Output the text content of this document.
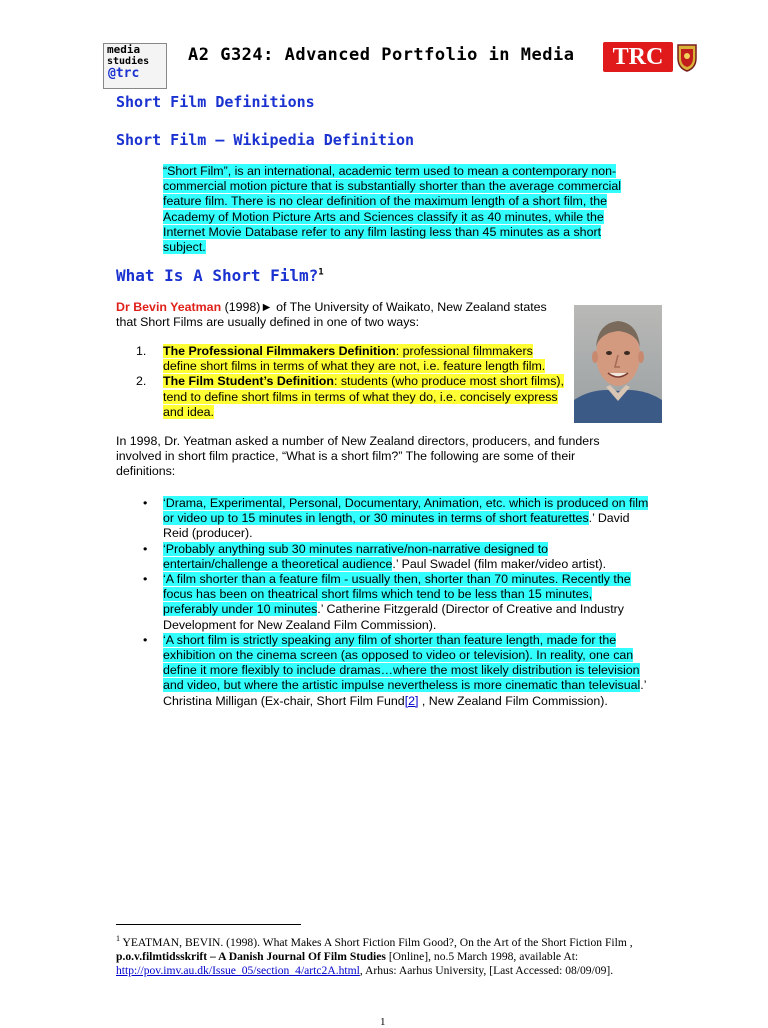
media
studies
@trc
A2 G324: Advanced Portfolio in Media	TRC
Short Film Definitions
Short Film – Wikipedia Definition
“Short Film”, is an international, academic term used to mean a contemporary non-commercial motion picture that is substantially shorter than the average commercial feature film. There is no clear definition of the maximum length of a short film, the Academy of Motion Picture Arts and Sciences classify it as 40 minutes, while the Internet Movie Database refer to any film lasting less than 45 minutes as a short subject.
What Is A Short Film?$^1$
Dr Bevin Yeatman (1998)► of The University of Waikato, New Zealand states that Short Films are usually defined in one of two ways:
1. The Professional Filmmakers Definition: professional filmmakers define short films in terms of what they are not, i.e. feature length film.
2. The Film Student’s Definition: students (who produce most short films), tend to define short films in terms of what they do, i.e. concisely express and idea.
In 1998, Dr. Yeatman asked a number of New Zealand directors, producers, and funders involved in short film practice, “What is a short film?” The following are some of their definitions:
• ‘Drama, Experimental, Personal, Documentary, Animation, etc. which is produced on film or video up to 15 minutes in length, or 30 minutes in terms of short featurettes.’ David Reid (producer).
• ‘Probably anything sub 30 minutes narrative/non-narrative designed to entertain/challenge a theoretical audience.’ Paul Swadel (film maker/video artist).
• ‘A film shorter than a feature film - usually then, shorter than 70 minutes. Recently the focus has been on theatrical short films which tend to be less than 15 minutes, preferably under 10 minutes.’ Catherine Fitzgerald (Director of Creative and Industry Development for New Zealand Film Commission).
• ‘A short film is strictly speaking any film of shorter than feature length, made for the exhibition on the cinema screen (as opposed to video or television). In reality, one can define it more flexibly to include dramas…where the most likely distribution is television and video, but where the artistic impulse nevertheless is more cinematic than televisual.’ Christina Milligan (Ex-chair, Short Film Fund[2] , New Zealand Film Commission).
$^1$ YEATMAN, BEVIN. (1998). What Makes A Short Fiction Film Good?, On the Art of the Short Fiction Film , p.o.v.filmtidsskrift – A Danish Journal Of Film Studies [Online], no.5 March 1998, available At: http://pov.imv.au.dk/Issue_05/section_4/artc2A.html, Arhus: Aarhus University, [Last Accessed: 08/09/09].
1
